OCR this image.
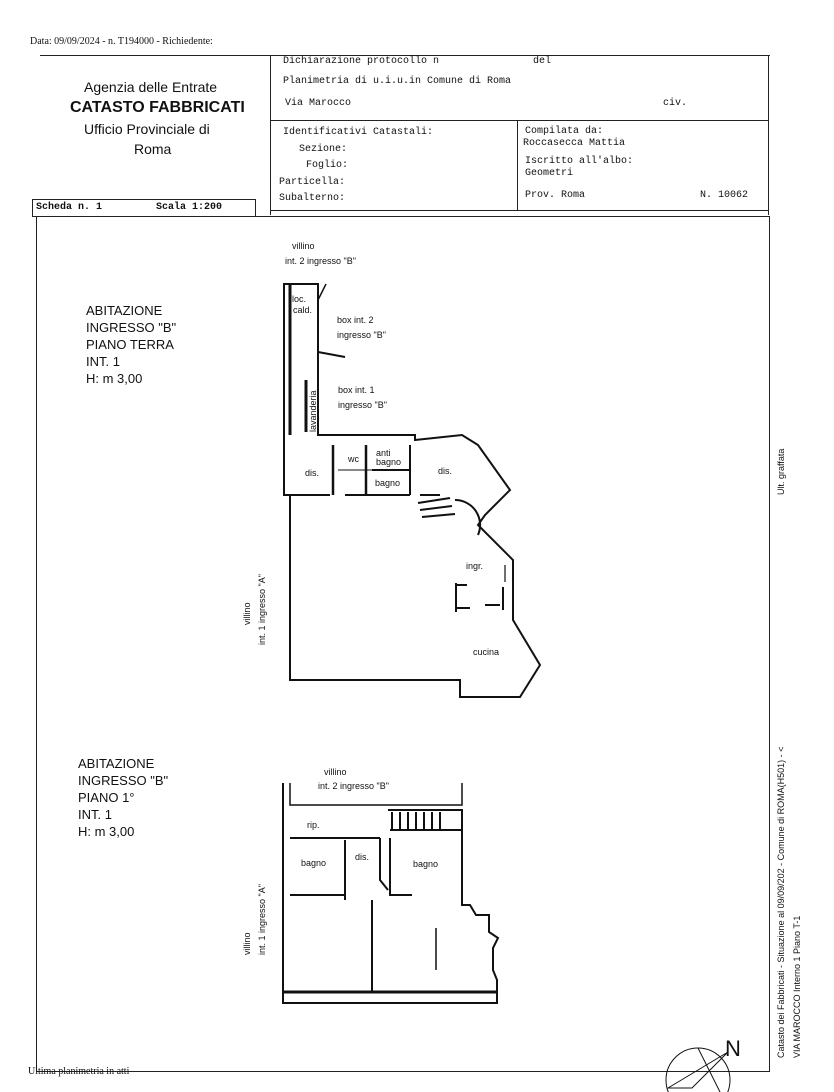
Data: 09/09/2024 - n. T194000 - Richiedente:
Agenzia delle Entrate
CATASTO FABBRICATI
Ufficio Provinciale di
Roma
Dichiarazione protocollo n	del
Planimetria di u.i.u.in Comune di Roma
Via Marocco	civ.
Identificativi Catastali:
Sezione:
Foglio:
Particella:
Subalterno:
Compilata da:
Roccasecca Mattia
Iscritto all'albo:
Geometri
Prov. Roma	N. 10062
Scheda n. 1	Scala 1:200
ABITAZIONE
INGRESSO "B"
PIANO TERRA
INT. 1
H: m 3,00
loc.
cald.
box int. 2
ingresso "B"
box int. 1
ingresso "B"
wc
anti
bagno
bagno
dis.	dis.
ingr.
cucina
villino
int. 2 ingresso "B"
lavanderia
villino int. 1 ingresso "A"
ABITAZIONE
INGRESSO "B"
PIANO 1°
INT. 1
H: m 3,00
villino
int. 2 ingresso "B"
rip.
bagno
dis.
bagno
villino int. 1 ingresso "A"
Ult. graffata
Catasto dei Fabbricati - Situazione al 09/09/202 - Comune di ROMA(H501) - < VIA MAROCCO Interno 1 Piano T-1
Ultima planimetria in atti
N
